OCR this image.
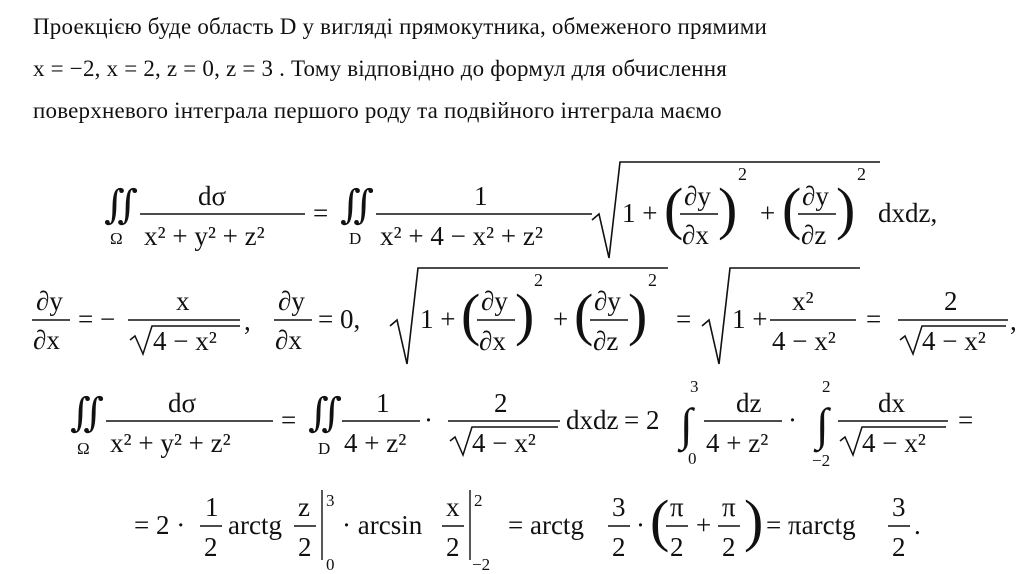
Проекцією буде область D у вигляді прямокутника, обмеженого прямими
x = −2, x = 2, z = 0, z = 3 . Тому відповідно до формул для обчислення
поверхневого інтеграла першого роду та подвійного інтеграла маємо
∬
Ω
dσ
x² + y² + z²
= ∬
D
1
x² + 4 − x² + z²
1 + ( ∂y
∂x )
2
+ ( ∂y
∂z )
2
dxdz,
∂y
∂x
= −
x
4 − x²
,
∂y
∂x
= 0, 1 + ( ∂y
∂x )
2
+ ( ∂y
∂z )
2
= 1 +
x²
4 − x²
=
2
4 − x²
,
∬
Ω
dσ
x² + y² + z²
= ∬
D
1
4 + z²
·
2
4 − x²
dxdz = 2 ∫
3
0
dz
4 + z²
· ∫
2
−2
dx
4 − x²
=
= 2 ·
1
2
arctg
z
2
3
0
· arcsin
x
2
2
−2
= arctg
3
2
· ( π
2
+
π
2 ) = πarctg
3
2
.
